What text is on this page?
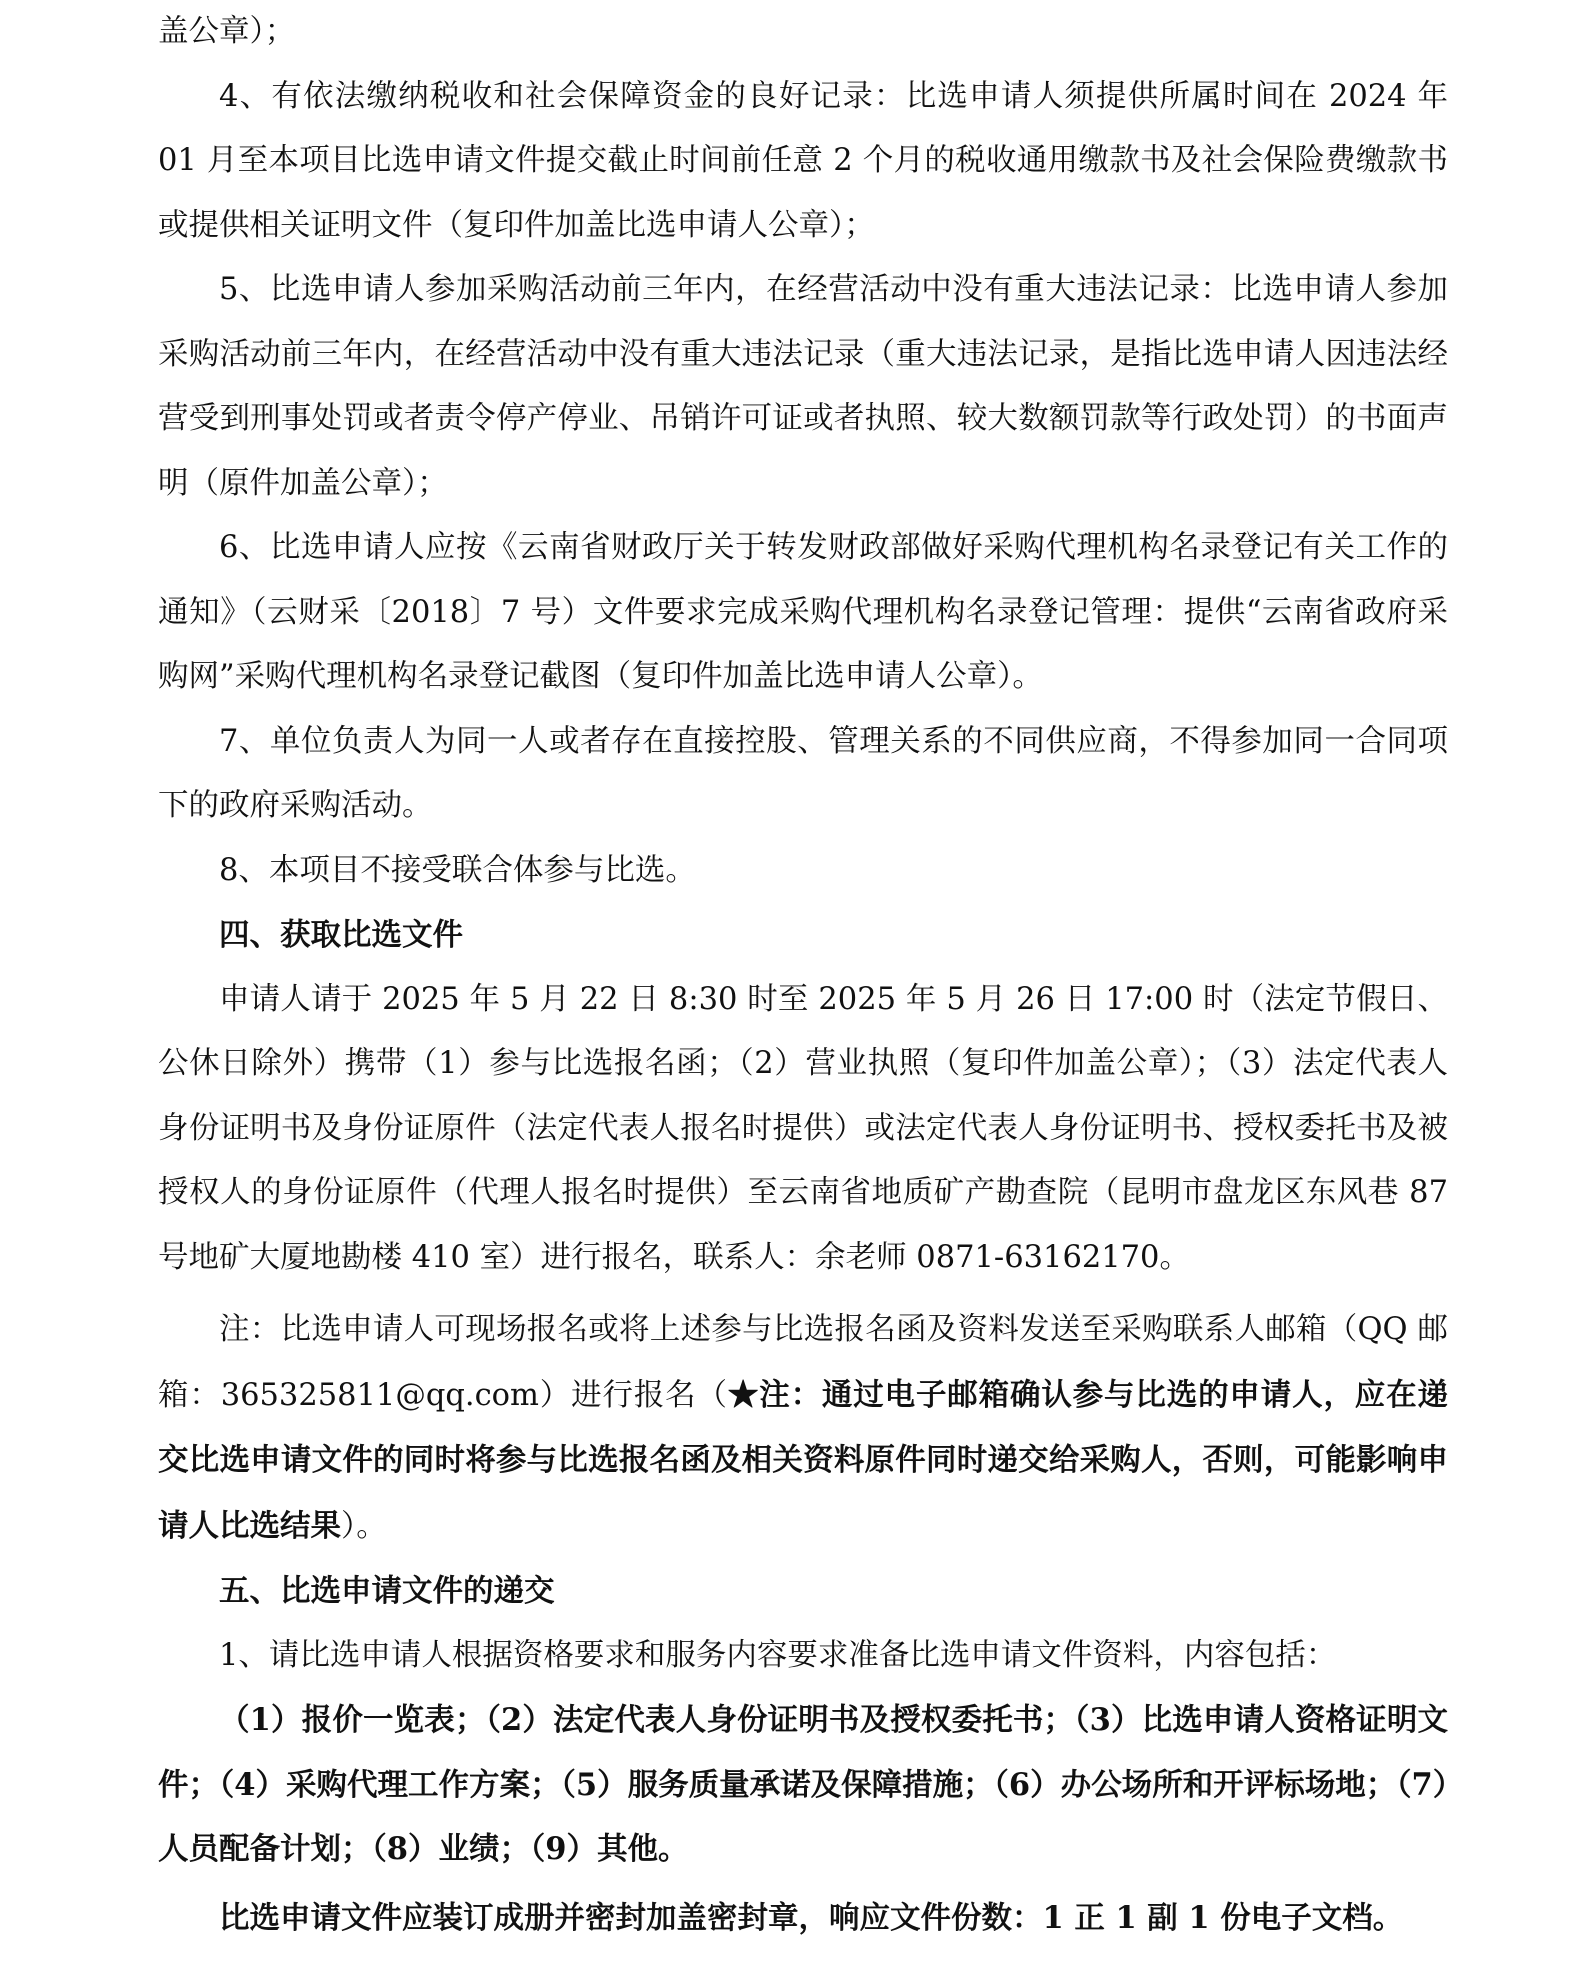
盖公章）；

4、有依法缴纳税收和社会保障资金的良好记录：比选申请人须提供所属时间在 2024 年 01 月至本项目比选申请文件提交截止时间前任意 2 个月的税收通用缴款书及社会保险费缴款书或提供相关证明文件（复印件加盖比选申请人公章）；

5、比选申请人参加采购活动前三年内，在经营活动中没有重大违法记录：比选申请人参加采购活动前三年内，在经营活动中没有重大违法记录（重大违法记录，是指比选申请人因违法经营受到刑事处罚或者责令停产停业、吊销许可证或者执照、较大数额罚款等行政处罚）的书面声明（原件加盖公章）；

6、比选申请人应按《云南省财政厅关于转发财政部做好采购代理机构名录登记有关工作的通知》（云财采〔2018〕7 号）文件要求完成采购代理机构名录登记管理：提供“云南省政府采购网”采购代理机构名录登记截图（复印件加盖比选申请人公章）。

7、单位负责人为同一人或者存在直接控股、管理关系的不同供应商，不得参加同一合同项下的政府采购活动。

8、本项目不接受联合体参与比选。

四、获取比选文件

申请人请于 2025 年 5 月 22 日 8:30 时至 2025 年 5 月 26 日 17:00 时（法定节假日、公休日除外）携带（1）参与比选报名函；（2）营业执照（复印件加盖公章）；（3）法定代表人身份证明书及身份证原件（法定代表人报名时提供）或法定代表人身份证明书、授权委托书及被授权人的身份证原件（代理人报名时提供）至云南省地质矿产勘查院（昆明市盘龙区东风巷 87 号地矿大厦地勘楼 410 室）进行报名，联系人：余老师 0871-63162170。

注：比选申请人可现场报名或将上述参与比选报名函及资料发送至采购联系人邮箱（QQ 邮箱：365325811@qq.com）进行报名（★注：通过电子邮箱确认参与比选的申请人，应在递交比选申请文件的同时将参与比选报名函及相关资料原件同时递交给采购人，否则，可能影响申请人比选结果）。

五、比选申请文件的递交

1、请比选申请人根据资格要求和服务内容要求准备比选申请文件资料，内容包括：

（1）报价一览表；（2）法定代表人身份证明书及授权委托书；（3）比选申请人资格证明文件；（4）采购代理工作方案；（5）服务质量承诺及保障措施；（6）办公场所和开评标场地；（7）人员配备计划；（8）业绩；（9）其他。

比选申请文件应装订成册并密封加盖密封章，响应文件份数：1 正 1 副 1 份电子文档。
